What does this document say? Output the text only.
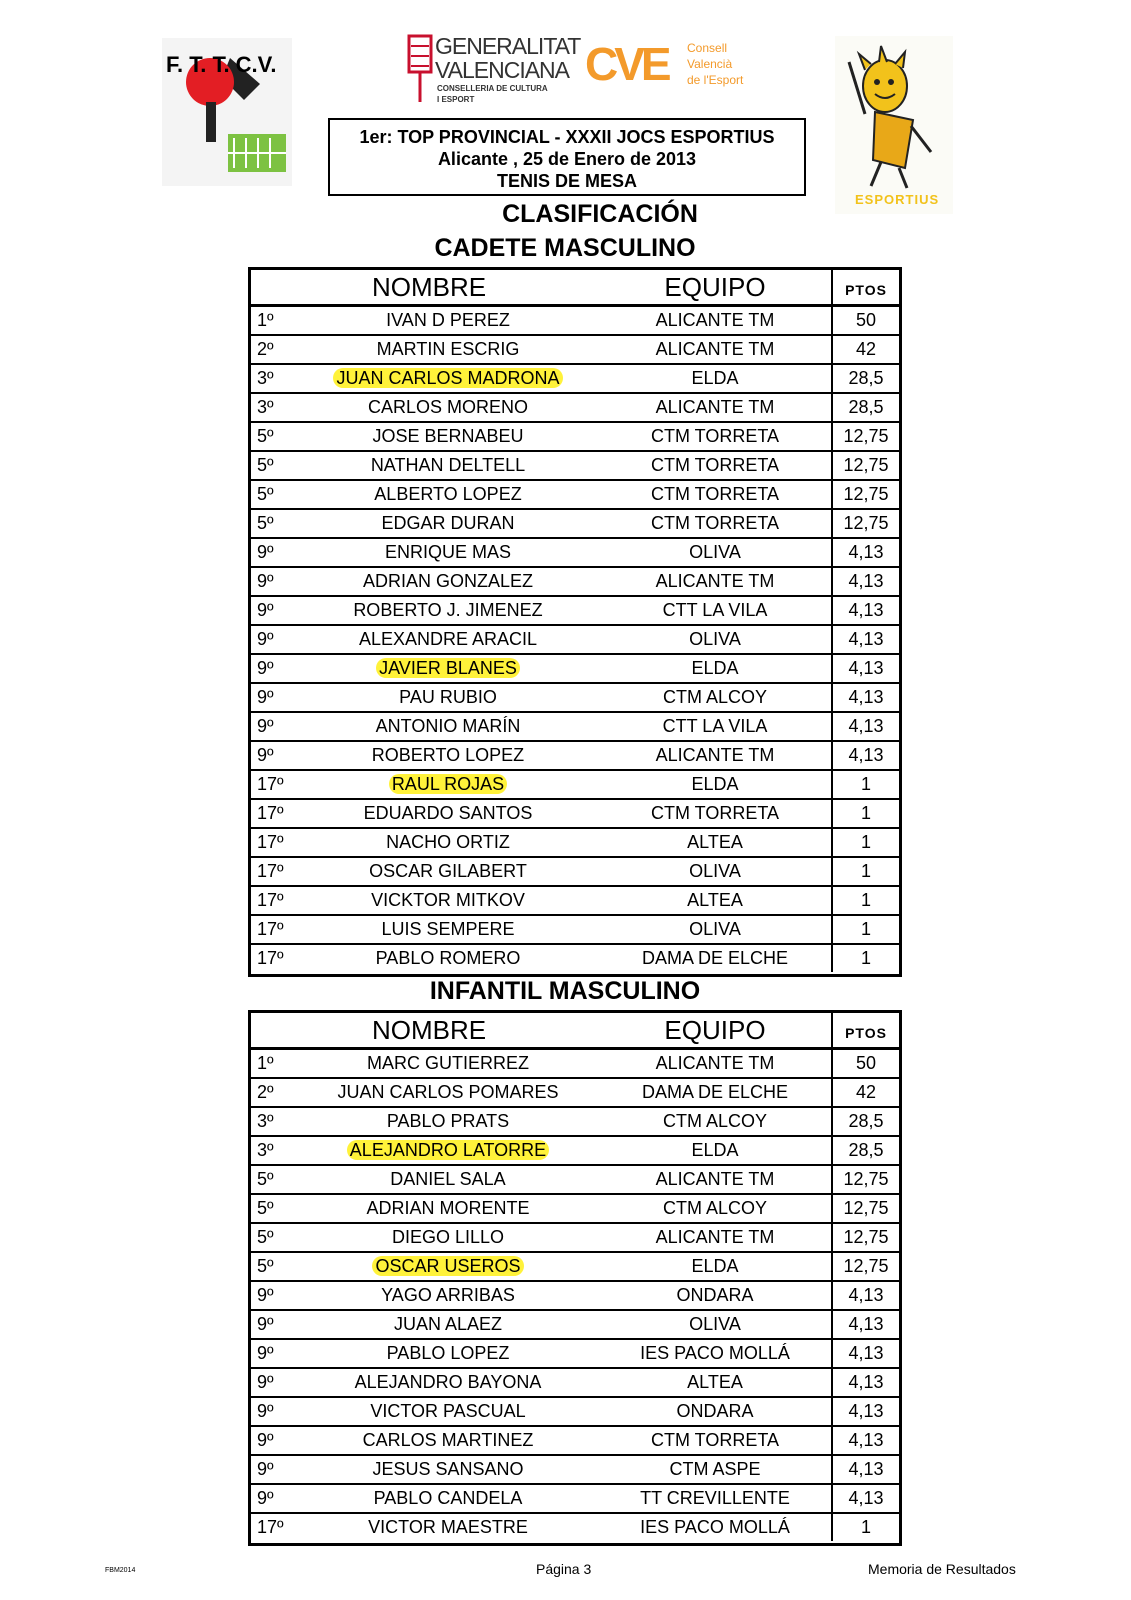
F. T. T. C.V.
GENERALITAT
VALENCIANA
CONSELLERIA DE CULTURA
I ESPORT
CVE Consell
Valencià
de l'Esport
ESPORTIUS
1er: TOP PROVINCIAL - XXXII JOCS ESPORTIUS
Alicante , 25 de Enero de 2013
TENIS DE MESA
CLASIFICACIÓN
CADETE MASCULINO
NOMBRE	EQUIPO	PTOS
1º	IVAN D PEREZ	ALICANTE TM	50
2º	MARTIN ESCRIG	ALICANTE TM	42
3º	JUAN CARLOS MADRONA	ELDA	28,5
3º	CARLOS MORENO	ALICANTE TM	28,5
5º	JOSE BERNABEU	CTM TORRETA	12,75
5º	NATHAN DELTELL	CTM TORRETA	12,75
5º	ALBERTO LOPEZ	CTM TORRETA	12,75
5º	EDGAR DURAN	CTM TORRETA	12,75
9º	ENRIQUE MAS	OLIVA	4,13
9º	ADRIAN GONZALEZ	ALICANTE TM	4,13
9º	ROBERTO J. JIMENEZ	CTT LA VILA	4,13
9º	ALEXANDRE ARACIL	OLIVA	4,13
9º	JAVIER BLANES	ELDA	4,13
9º	PAU RUBIO	CTM ALCOY	4,13
9º	ANTONIO MARÍN	CTT LA VILA	4,13
9º	ROBERTO LOPEZ	ALICANTE TM	4,13
17º	RAUL ROJAS	ELDA	1
17º	EDUARDO SANTOS	CTM TORRETA	1
17º	NACHO ORTIZ	ALTEA	1
17º	OSCAR GILABERT	OLIVA	1
17º	VICKTOR MITKOV	ALTEA	1
17º	LUIS SEMPERE	OLIVA	1
17º	PABLO ROMERO	DAMA DE ELCHE	1
INFANTIL MASCULINO
NOMBRE	EQUIPO	PTOS
1º	MARC GUTIERREZ	ALICANTE TM	50
2º	JUAN CARLOS POMARES	DAMA DE ELCHE	42
3º	PABLO PRATS	CTM ALCOY	28,5
3º	ALEJANDRO LATORRE	ELDA	28,5
5º	DANIEL SALA	ALICANTE TM	12,75
5º	ADRIAN MORENTE	CTM ALCOY	12,75
5º	DIEGO LILLO	ALICANTE TM	12,75
5º	OSCAR USEROS	ELDA	12,75
9º	YAGO ARRIBAS	ONDARA	4,13
9º	JUAN ALAEZ	OLIVA	4,13
9º	PABLO LOPEZ	IES PACO MOLLÁ	4,13
9º	ALEJANDRO BAYONA	ALTEA	4,13
9º	VICTOR PASCUAL	ONDARA	4,13
9º	CARLOS MARTINEZ	CTM TORRETA	4,13
9º	JESUS SANSANO	CTM ASPE	4,13
9º	PABLO CANDELA	TT CREVILLENTE	4,13
17º	VICTOR MAESTRE	IES PACO MOLLÁ	1
FBM2014	Página 3	Memoria de Resultados
